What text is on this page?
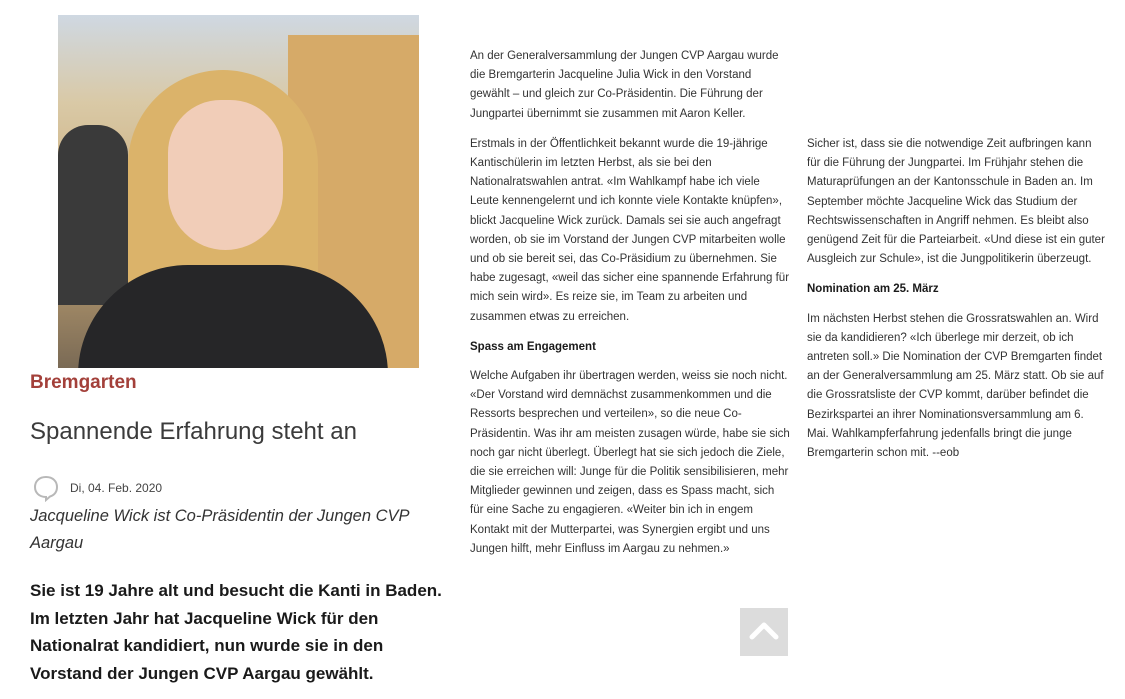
Bremgarten
Spannende Erfahrung steht an
Di, 04. Feb. 2020
Jacqueline Wick ist Co-Präsidentin der Jungen CVP Aargau
Sie ist 19 Jahre alt und besucht die Kanti in Baden. Im letzten Jahr hat Jacqueline Wick für den Nationalrat kandidiert, nun wurde sie in den Vorstand der Jungen CVP Aargau gewählt.

An der Generalversammlung der Jungen CVP Aargau wurde die Bremgarterin Jacqueline Julia Wick in den Vorstand gewählt – und gleich zur Co-Präsidentin. Die Führung der Jungpartei übernimmt sie zusammen mit Aaron Keller.

Erstmals in der Öffentlichkeit bekannt wurde die 19-jährige Kantischülerin im letzten Herbst, als sie bei den Nationalratswahlen antrat. «Im Wahlkampf habe ich viele Leute kennengelernt und ich konnte viele Kontakte knüpfen», blickt Jacqueline Wick zurück. Damals sei sie auch angefragt worden, ob sie im Vorstand der Jungen CVP mitarbeiten wolle und ob sie bereit sei, das Co-Präsidium zu übernehmen. Sie habe zugesagt, «weil das sicher eine spannende Erfahrung für mich sein wird». Es reize sie, im Team zu arbeiten und zusammen etwas zu erreichen.

Spass am Engagement

Welche Aufgaben ihr übertragen werden, weiss sie noch nicht. «Der Vorstand wird demnächst zusammenkommen und die Ressorts besprechen und verteilen», so die neue Co-Präsidentin. Was ihr am meisten zusagen würde, habe sie sich noch gar nicht überlegt. Überlegt hat sie sich jedoch die Ziele, die sie erreichen will: Junge für die Politik sensibilisieren, mehr Mitglieder gewinnen und zeigen, dass es Spass macht, sich für eine Sache zu engagieren. «Weiter bin ich in engem Kontakt mit der Mutterpartei, was Synergien ergibt und uns Jungen hilft, mehr Einfluss im Aargau zu nehmen.»

Sicher ist, dass sie die notwendige Zeit aufbringen kann für die Führung der Jungpartei. Im Frühjahr stehen die Maturaprüfungen an der Kantonsschule in Baden an. Im September möchte Jacqueline Wick das Studium der Rechtswissenschaften in Angriff nehmen. Es bleibt also genügend Zeit für die Parteiarbeit. «Und diese ist ein guter Ausgleich zur Schule», ist die Jungpolitikerin überzeugt.

Nomination am 25. März

Im nächsten Herbst stehen die Grossratswahlen an. Wird sie da kandidieren? «Ich überlege mir derzeit, ob ich antreten soll.» Die Nomination der CVP Bremgarten findet an der Generalversammlung am 25. März statt. Ob sie auf die Grossratsliste der CVP kommt, darüber befindet die Bezirkspartei an ihrer Nominationsversammlung am 6. Mai. Wahlkampferfahrung jedenfalls bringt die junge Bremgarterin schon mit. --eob
